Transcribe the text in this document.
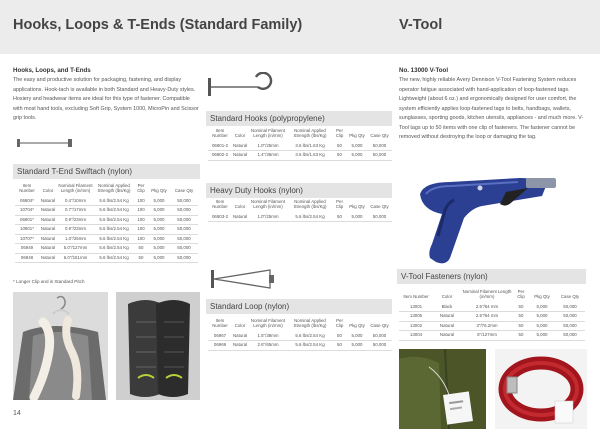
Hooks, Loops & T-Ends (Standard Family)	V-Tool
Hooks, Loops, and T-Ends
The easy and productive solution for packaging, fastening, and display applications. Hook-tach is available in both Standard and Heavy-Duty styles. Hosiery and headwear items are ideal for this type of fastener. Compatible with most hand tools, excluding Soft Grip, System 1000, MicroPin and Scissor grip tools.
Standard T-End Swiftach (nylon)
Item Number	Color	Nominal Filament Length (in/mm)	Nominal Applied Strength (lbs/Kg)	Per Clip	Pkg Qty	Case Qty
06904*	Natural	0.4"/10mm	5.6 lbs/2.54 Kg	100	5,000	50,000
10704*	Natural	0.7"/17mm	5.6 lbs/2.54 Kg	100	5,000	50,000
06901*	Natural	0.9"/23mm	5.6 lbs/2.54 Kg	100	5,000	50,000
10901*	Natural	0.9"/23mm	5.6 lbs/2.54 Kg	100	5,000	50,000
10707*	Natural	1.0"/25mm	5.6 lbs/2.54 Kg	100	5,000	50,000
06949	Natural	5.0"/127mm	5.6 lbs/2.54 Kg	50	5,000	50,000
06948	Natural	6.0"/151mm	5.6 lbs/2.54 Kg	50	5,000	50,000
* Longer Clip and is Standard Pitch
Standard Hooks (polypropylene)
Item Number	Color	Nominal Filament Length (in/mm)	Nominal Applied Strength (lbs/Kg)	Per Clip	Pkg Qty	Case Qty
06901-2	Natural	1.0"/25mm	3.6 lbs/1.63 Kg	50	5,000	50,000
06902-2	Natural	1.4"/35mm	3.6 lbs/1.63 Kg	50	5,000	50,000
Heavy Duty Hooks (nylon)
Item Number	Color	Nominal Filament Length (in/mm)	Nominal Applied Strength (lbs/Kg)	Per Clip	Pkg Qty	Case Qty
06903-2	Natural	1.0"/25mm	5.6 lbs/2.54 Kg	50	5,000	50,000
Standard Loop (nylon)
Item Number	Color	Nominal Filament Length (in/mm)	Nominal Applied Strength (lbs/Kg)	Per Clip	Pkg Qty	Case Qty
06967	Natural	1.5"/38mm	5.6 lbs/2.54 Kg	50	5,000	50,000
06969	Natural	2.6"/65mm	5.6 lbs/2.54 Kg	50	5,000	50,000
No. 13000 V-Tool
The new, highly reliable Avery Dennison V-Tool Fastening System reduces operator fatigue associated with hand-application of loop-fastened tags. Lightweight (about 6 oz.) and ergonomically designed for user comfort, the system efficiently applies loop-fastened tags to belts, handbags, wallets, sunglasses, sporting goods, kitchen utensils, appliances - and much more. V-Tool tags up to 50 items with one clip of fasteners. The fastener cannot be removed without destroying the loop or damaging the tag.
V-Tool Fasteners (nylon)
Item Number	Color	Nominal Filament Length (in/mm)	Per Clip	Pkg Qty	Case Qty
13001	Black	2.5"/64 mm	50	5,000	50,000
13005	Natural	2.5"/64 mm	50	5,000	50,000
13002	Natural	3"/76.2mm	50	5,000	50,000
13004	Natural	5"/127mm	50	5,000	50,000
14
